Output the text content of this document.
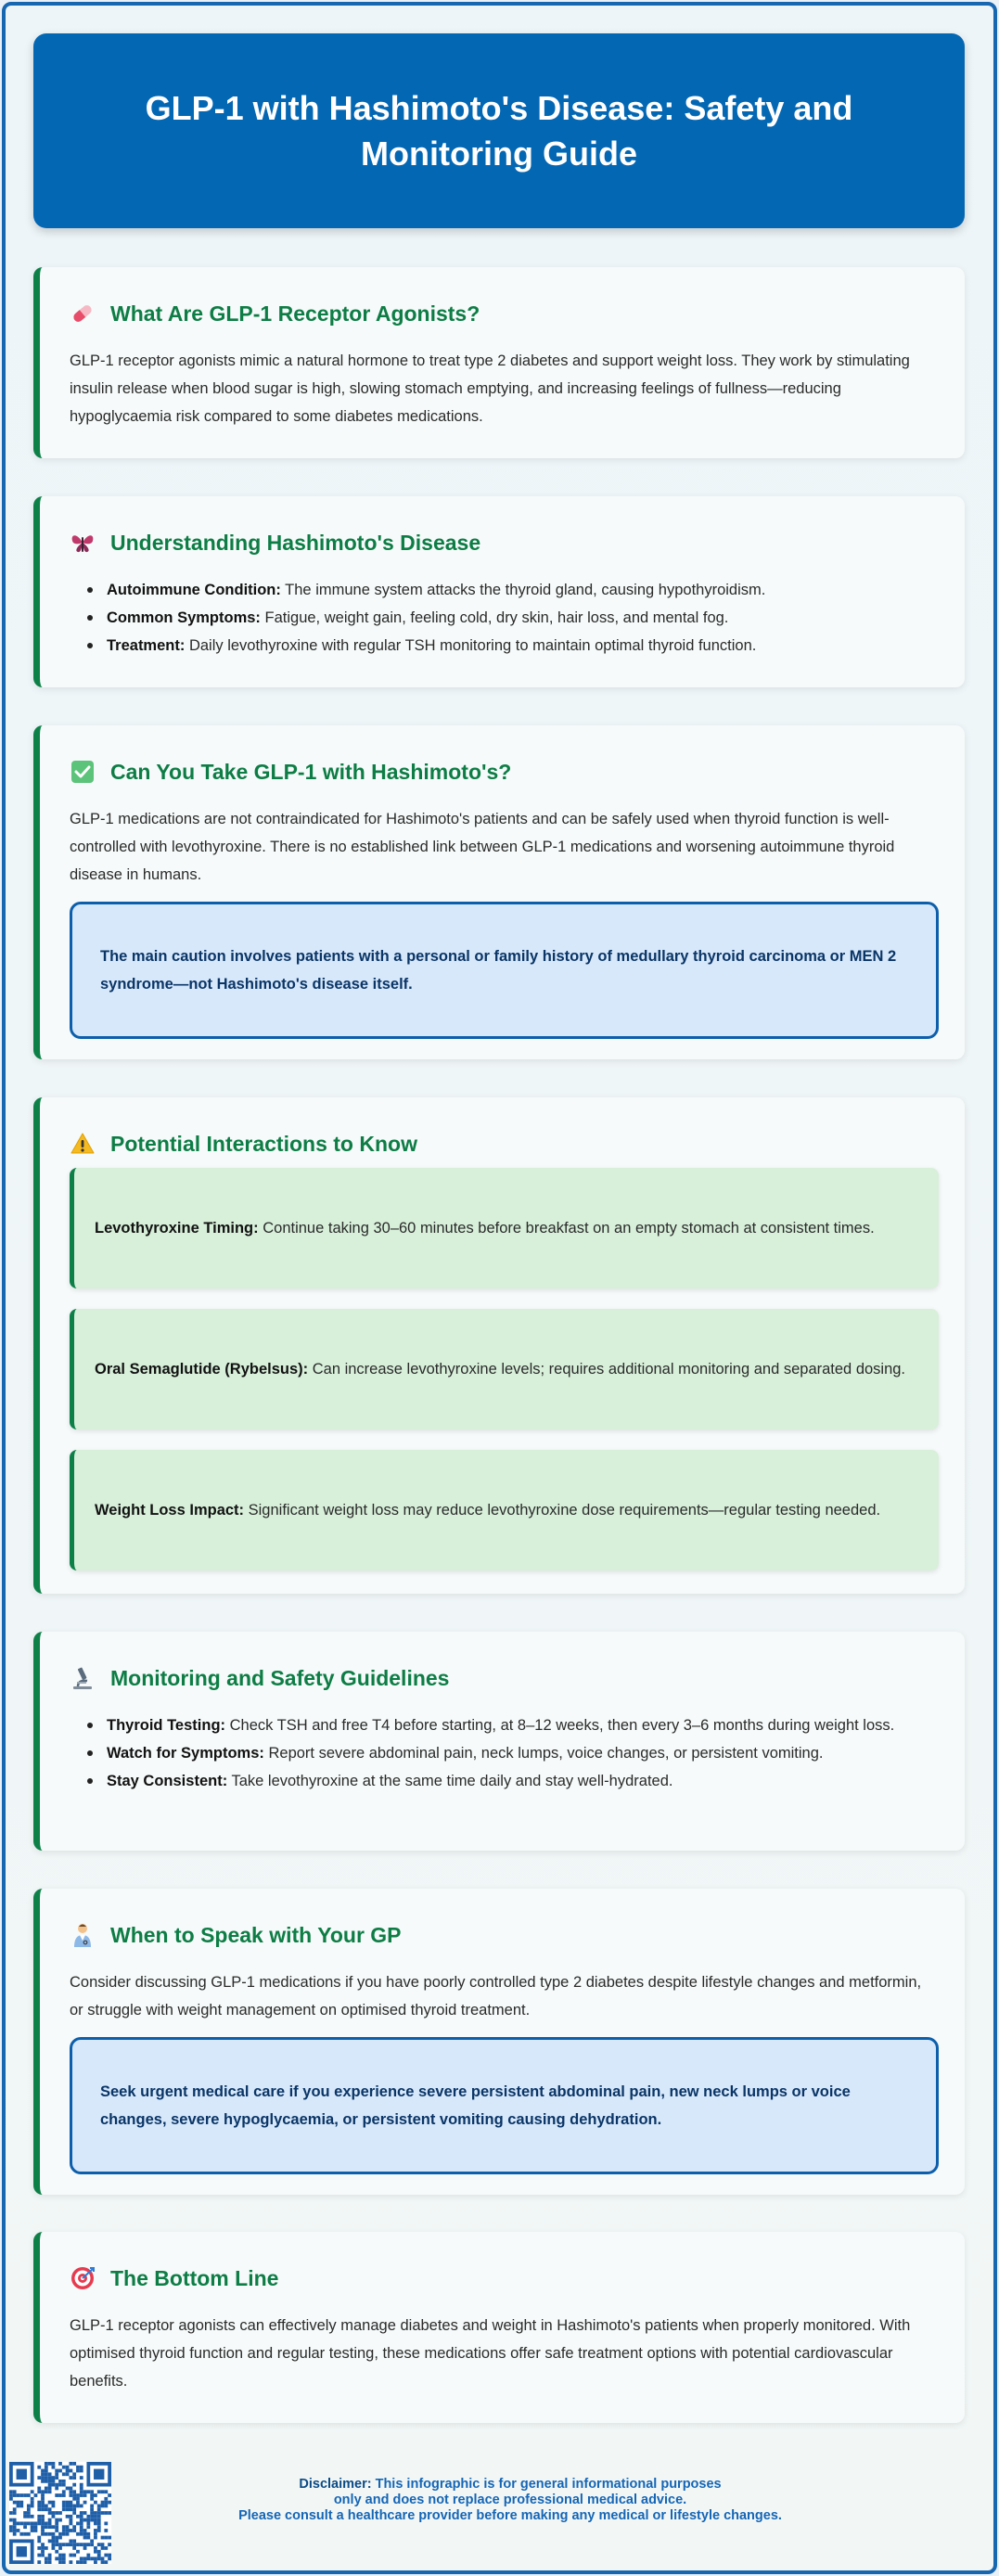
GLP-1 with Hashimoto's Disease: Safety and Monitoring Guide
What Are GLP-1 Receptor Agonists?

GLP-1 receptor agonists mimic a natural hormone to treat type 2 diabetes and support weight loss. They work by stimulating insulin release when blood sugar is high, slowing stomach emptying, and increasing feelings of fullness—reducing hypoglycaemia risk compared to some diabetes medications.

Understanding Hashimoto's Disease
Autoimmune Condition: The immune system attacks the thyroid gland, causing hypothyroidism.
Common Symptoms: Fatigue, weight gain, feeling cold, dry skin, hair loss, and mental fog.
Treatment: Daily levothyroxine with regular TSH monitoring to maintain optimal thyroid function.
Can You Take GLP-1 with Hashimoto's?

GLP-1 medications are not contraindicated for Hashimoto's patients and can be safely used when thyroid function is well-controlled with levothyroxine. There is no established link between GLP-1 medications and worsening autoimmune thyroid disease in humans.

The main caution involves patients with a personal or family history of medullary thyroid carcinoma or MEN 2 syndrome—not Hashimoto's disease itself.

Potential Interactions to Know

Levothyroxine Timing: Continue taking 30–60 minutes before breakfast on an empty stomach at consistent times.

Oral Semaglutide (Rybelsus): Can increase levothyroxine levels; requires additional monitoring and separated dosing.

Weight Loss Impact: Significant weight loss may reduce levothyroxine dose requirements—regular testing needed.

Monitoring and Safety Guidelines
Thyroid Testing: Check TSH and free T4 before starting, at 8–12 weeks, then every 3–6 months during weight loss.
Watch for Symptoms: Report severe abdominal pain, neck lumps, voice changes, or persistent vomiting.
Stay Consistent: Take levothyroxine at the same time daily and stay well-hydrated.
When to Speak with Your GP

Consider discussing GLP-1 medications if you have poorly controlled type 2 diabetes despite lifestyle changes and metformin, or struggle with weight management on optimised thyroid treatment.

Seek urgent medical care if you experience severe persistent abdominal pain, new neck lumps or voice changes, severe hypoglycaemia, or persistent vomiting causing dehydration.

The Bottom Line

GLP-1 receptor agonists can effectively manage diabetes and weight in Hashimoto's patients when properly monitored. With optimised thyroid function and regular testing, these medications offer safe treatment options with potential cardiovascular benefits.

Disclaimer: This infographic is for general informational purposes
only and does not replace professional medical advice.
Please consult a healthcare provider before making any medical or lifestyle changes.
